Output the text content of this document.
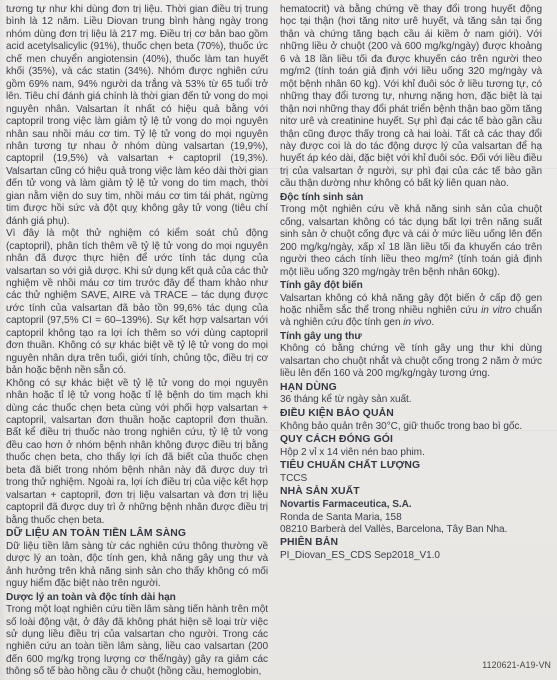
tương tự như khi dùng đơn trị liệu. Thời gian điều trị trung bình là 12 năm. Liều Diovan trung bình hàng ngày trong nhóm dùng đơn trị liệu là 217 mg. Điều trị cơ bản bao gồm acid acetylsalicylic (91%), thuốc chẹn beta (70%), thuốc ức chế men chuyển angiotensin (40%), thuốc làm tan huyết khối (35%), và các statin (34%). Nhóm được nghiên cứu gồm 69% nam, 94% người da trắng và 53% từ 65 tuổi trở lên. Tiêu chí đánh giá chính là thời gian đến tử vong do mọi nguyên nhân. Valsartan ít nhất có hiệu quả bằng với captopril trong việc làm giảm tỷ lệ tử vong do mọi nguyên nhân sau nhồi máu cơ tim. Tỷ lệ tử vong do mọi nguyên nhân tương tự nhau ở nhóm dùng valsartan (19,9%), captopril (19,5%) và valsartan + captopril (19,3%). Valsartan cũng có hiệu quả trong việc làm kéo dài thời gian đến tử vong và làm giảm tỷ lệ tử vong do tim mạch, thời gian nằm viện do suy tim, nhồi máu cơ tim tái phát, ngừng tim được hồi sức và đột quỵ không gây tử vong (tiêu chí đánh giá phụ).

Vì đây là một thử nghiệm có kiểm soát chủ động (captopril), phân tích thêm về tỷ lệ tử vong do mọi nguyên nhân đã được thực hiện để ước tính tác dụng của valsartan so với giả dược. Khi sử dụng kết quả của các thử nghiệm về nhồi máu cơ tim trước đây để tham khảo như các thử nghiệm SAVE, AIRE và TRACE – tác dụng được ước tính của valsartan đã bảo tồn 99,6% tác dụng của captopril (97,5% CI = 60–139%). Sự kết hợp valsartan với captopril không tạo ra lợi ích thêm so với dùng captopril đơn thuần. Không có sự khác biệt về tỷ lệ tử vong do mọi nguyên nhân dựa trên tuổi, giới tính, chủng tộc, điều trị cơ bản hoặc bệnh nền sẵn có.

Không có sự khác biệt về tỷ lệ tử vong do mọi nguyên nhân hoặc tỉ lệ tử vong hoặc tỉ lệ bệnh do tim mạch khi dùng các thuốc chẹn beta cùng với phối hợp valsartan + captopril, valsartan đơn thuần hoặc captopril đơn thuần. Bất kể điều trị thuốc nào trong nghiên cứu, tỷ lệ tử vong đều cao hơn ở nhóm bệnh nhân không được điều trị bằng thuốc chẹn beta, cho thấy lợi ích đã biết của thuốc chẹn beta đã biết trong nhóm bệnh nhân này đã được duy trì trong thử nghiệm. Ngoài ra, lợi ích điều trị của việc kết hợp valsartan + captopril, đơn trị liệu valsartan và đơn trị liệu captopril đã được duy trì ở những bệnh nhân được điều trị bằng thuốc chẹn beta.

DỮ LIỆU AN TOÀN TIỀN LÂM SÀNG

Dữ liệu tiền lâm sàng từ các nghiên cứu thông thường về dược lý an toàn, độc tính gen, khả năng gây ung thư và ảnh hưởng trên khả năng sinh sản cho thấy không có mối nguy hiểm đặc biệt nào trên người.

Dược lý an toàn và độc tính dài hạn

Trong một loạt nghiên cứu tiền lâm sàng tiến hành trên một số loài động vật, ở đây đã không phát hiện sẽ loại trừ việc sử dụng liều điều trị của valsartan cho người. Trong các nghiên cứu an toàn tiền lâm sàng, liều cao valsartan (200 đến 600 mg/kg trọng lượng cơ thể/ngày) gây ra giảm các thông số tế bào hồng cầu ở chuột (hồng cầu, hemoglobin,

hematocrit) và bằng chứng về thay đổi trong huyết động học tại thận (hơi tăng nitơ urê huyết, và tăng sản tại ống thận và chứng tăng bạch cầu ái kiềm ở nam giới). Với những liều ở chuột (200 và 600 mg/kg/ngày) được khoảng 6 và 18 lần liều tối đa được khuyến cáo trên người theo mg/m2 (tính toán giả định với liều uống 320 mg/ngày và một bệnh nhân 60 kg). Với khỉ đuôi sóc ở liều tương tự, có những thay đổi tương tự, nhưng nặng hơn, đặc biệt là tại thận nơi những thay đổi phát triển bệnh thận bao gồm tăng nitơ urê và creatinine huyết. Sự phì đại các tế bào gần cầu thận cũng được thấy trong cả hai loài. Tất cả các thay đổi này được coi là do tác động dược lý của valsartan để hạ huyết áp kéo dài, đặc biệt với khỉ đuôi sóc. Đối với liều điều trị của valsartan ở người, sự phì đại của các tế bào gần cầu thận dường như không có bất kỳ liên quan nào.

Độc tính sinh sản

Trong một nghiên cứu về khả năng sinh sản của chuột cống, valsartan không có tác dụng bất lợi trên năng suất sinh sản ở chuột cống đực và cái ở mức liều uống lên đến 200 mg/kg/ngày, xấp xỉ 18 lần liều tối đa khuyến cáo trên người theo cách tính liều theo mg/m² (tính toán giả định một liều uống 320 mg/ngày trên bệnh nhân 60kg).

Tính gây đột biến

Valsartan không có khả năng gây đột biến ở cấp độ gen hoặc nhiễm sắc thể trong nhiều nghiên cứu in vitro chuẩn và nghiên cứu độc tính gen in vivo.

Tính gây ung thư

Không có bằng chứng về tính gây ung thư khi dùng valsartan cho chuột nhắt và chuột cống trong 2 năm ở mức liều lên đến 160 và 200 mg/kg/ngày tương ứng.

HẠN DÙNG

36 tháng kể từ ngày sản xuất.

ĐIỀU KIỆN BẢO QUẢN

Không bảo quản trên 30°C, giữ thuốc trong bao bì gốc.

QUY CÁCH ĐÓNG GÓI

Hộp 2 vỉ x 14 viên nén bao phim.

TIÊU CHUẨN CHẤT LƯỢNG

TCCS

NHÀ SẢN XUẤT

Novartis Farmaceutica, S.A.

Ronda de Santa Maria, 158

08210 Barberà del Vallès, Barcelona, Tây Ban Nha.

PHIÊN BẢN

PI_Diovan_ES_CDS Sep2018_V1.0

1120621-A19-VN
